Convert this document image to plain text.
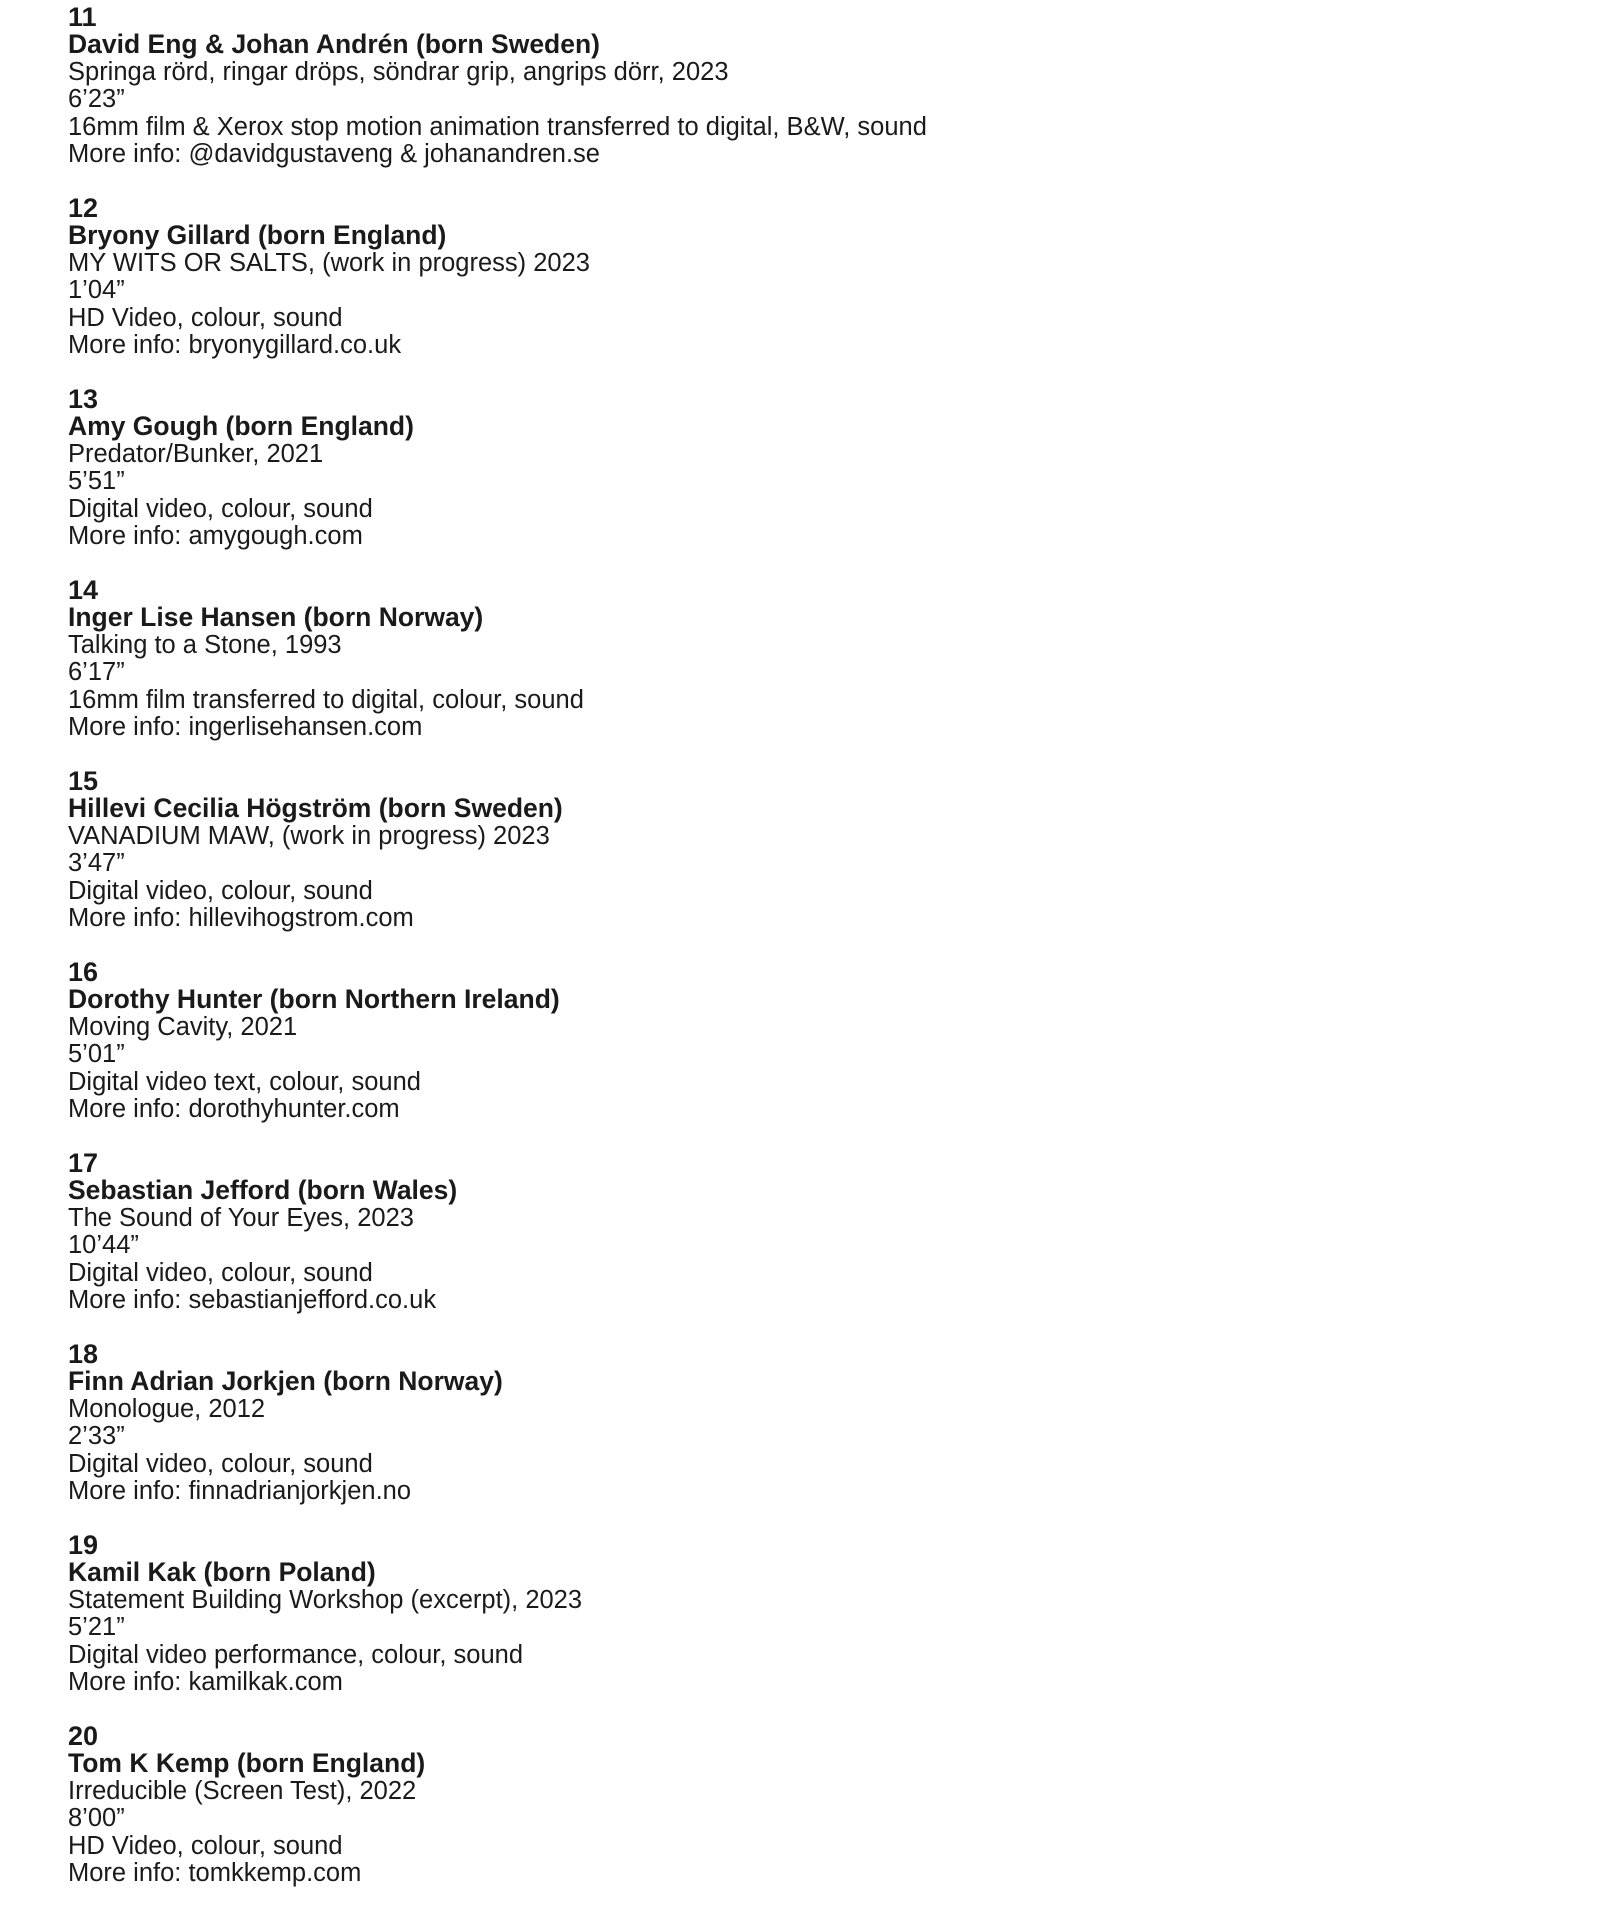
11
David Eng & Johan Andrén (born Sweden)
Springa rörd, ringar dröps, söndrar grip, angrips dörr, 2023
6’23”
16mm film & Xerox stop motion animation transferred to digital, B&W, sound
More info: @davidgustaveng & johanandren.se
12
Bryony Gillard (born England)
MY WITS OR SALTS, (work in progress) 2023
1’04”
HD Video, colour, sound
More info: bryonygillard.co.uk
13
Amy Gough (born England)
Predator/Bunker, 2021
5’51”
Digital video, colour, sound
More info: amygough.com
14
Inger Lise Hansen (born Norway)
Talking to a Stone, 1993
6’17”
16mm film transferred to digital, colour, sound
More info: ingerlisehansen.com
15
Hillevi Cecilia Högström (born Sweden)
VANADIUM MAW, (work in progress) 2023
3’47”
Digital video, colour, sound
More info: hillevihogstrom.com
16
Dorothy Hunter (born Northern Ireland)
Moving Cavity, 2021
5’01”
Digital video text, colour, sound
More info: dorothyhunter.com
17
Sebastian Jefford (born Wales)
The Sound of Your Eyes, 2023
10’44”
Digital video, colour, sound
More info: sebastianjefford.co.uk
18
Finn Adrian Jorkjen (born Norway)
Monologue, 2012
2’33”
Digital video, colour, sound
More info: finnadrianjorkjen.no
19
Kamil Kak (born Poland)
Statement Building Workshop (excerpt), 2023
5’21”
Digital video performance, colour, sound
More info: kamilkak.com
20
Tom K Kemp (born England)
Irreducible (Screen Test), 2022
8’00”
HD Video, colour, sound
More info: tomkkemp.com
